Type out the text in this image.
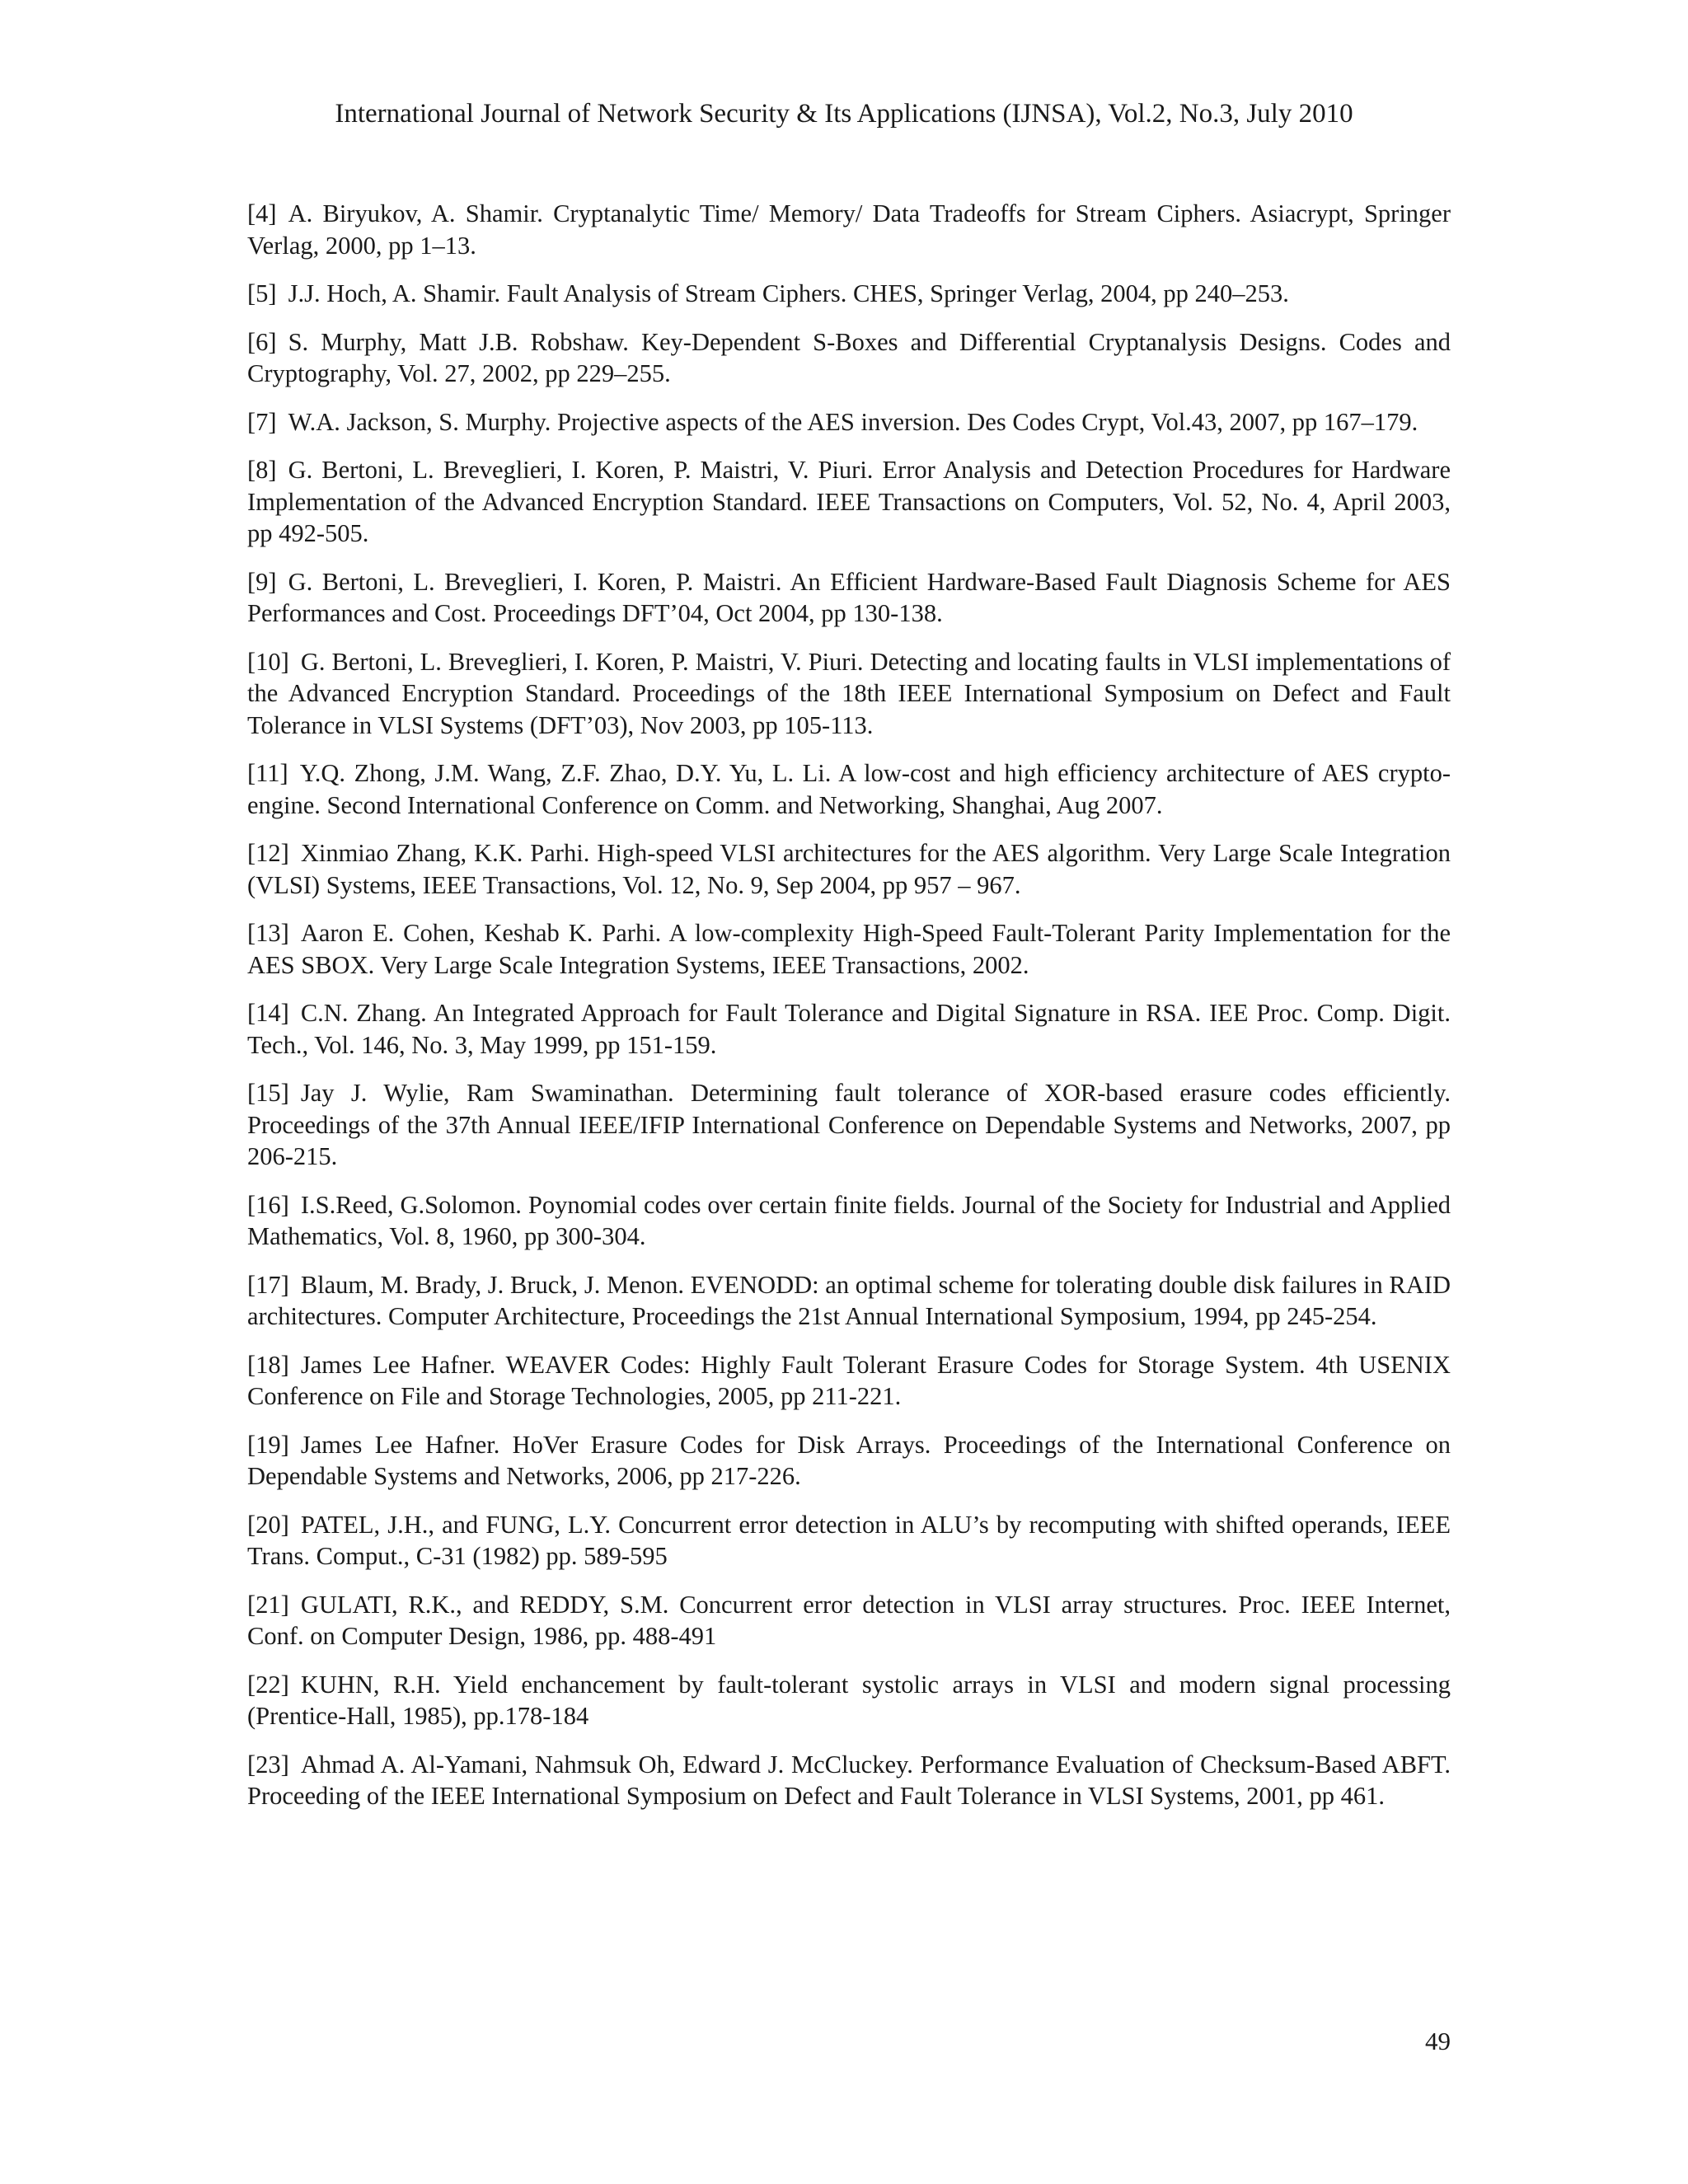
International Journal of Network Security & Its Applications (IJNSA), Vol.2, No.3, July 2010

[4] A. Biryukov, A. Shamir. Cryptanalytic Time/ Memory/ Data Tradeoffs for Stream Ciphers. Asiacrypt, Springer Verlag, 2000, pp 1–13.

[5] J.J. Hoch, A. Shamir. Fault Analysis of Stream Ciphers. CHES, Springer Verlag, 2004, pp 240–253.

[6] S. Murphy, Matt J.B. Robshaw. Key-Dependent S-Boxes and Differential Cryptanalysis Designs. Codes and Cryptography, Vol. 27, 2002, pp 229–255.

[7] W.A. Jackson, S. Murphy. Projective aspects of the AES inversion. Des Codes Crypt, Vol.43, 2007, pp 167–179.

[8] G. Bertoni, L. Breveglieri, I. Koren, P. Maistri, V. Piuri. Error Analysis and Detection Procedures for Hardware Implementation of the Advanced Encryption Standard. IEEE Transactions on Computers, Vol. 52, No. 4, April 2003, pp 492-505.

[9] G. Bertoni, L. Breveglieri, I. Koren, P. Maistri. An Efficient Hardware-Based Fault Diagnosis Scheme for AES Performances and Cost. Proceedings DFT’04, Oct 2004, pp 130-138.

[10] G. Bertoni, L. Breveglieri, I. Koren, P. Maistri, V. Piuri. Detecting and locating faults in VLSI implementations of the Advanced Encryption Standard. Proceedings of the 18th IEEE International Symposium on Defect and Fault Tolerance in VLSI Systems (DFT’03), Nov 2003, pp 105-113.

[11] Y.Q. Zhong, J.M. Wang, Z.F. Zhao, D.Y. Yu, L. Li. A low-cost and high efficiency architecture of AES crypto-engine. Second International Conference on Comm. and Networking, Shanghai, Aug 2007.

[12] Xinmiao Zhang, K.K. Parhi. High-speed VLSI architectures for the AES algorithm. Very Large Scale Integration (VLSI) Systems, IEEE Transactions, Vol. 12, No. 9, Sep 2004, pp 957 – 967.

[13] Aaron E. Cohen, Keshab K. Parhi. A low-complexity High-Speed Fault-Tolerant Parity Implementation for the AES SBOX. Very Large Scale Integration Systems, IEEE Transactions, 2002.

[14] C.N. Zhang. An Integrated Approach for Fault Tolerance and Digital Signature in RSA. IEE Proc. Comp. Digit. Tech., Vol. 146, No. 3, May 1999, pp 151-159.

[15] Jay J. Wylie, Ram Swaminathan. Determining fault tolerance of XOR-based erasure codes efficiently. Proceedings of the 37th Annual IEEE/IFIP International Conference on Dependable Systems and Networks, 2007, pp 206-215.

[16] I.S.Reed, G.Solomon. Poynomial codes over certain finite fields. Journal of the Society for Industrial and Applied Mathematics, Vol. 8, 1960, pp 300-304.

[17] Blaum, M. Brady, J. Bruck, J. Menon. EVENODD: an optimal scheme for tolerating double disk failures in RAID architectures. Computer Architecture, Proceedings the 21st Annual International Symposium, 1994, pp 245-254.

[18] James Lee Hafner. WEAVER Codes: Highly Fault Tolerant Erasure Codes for Storage System. 4th USENIX Conference on File and Storage Technologies, 2005, pp 211-221.

[19] James Lee Hafner. HoVer Erasure Codes for Disk Arrays. Proceedings of the International Conference on Dependable Systems and Networks, 2006, pp 217-226.

[20] PATEL, J.H., and FUNG, L.Y. Concurrent error detection in ALU’s by recomputing with shifted operands, IEEE Trans. Comput., C-31 (1982) pp. 589-595

[21] GULATI, R.K., and REDDY, S.M. Concurrent error detection in VLSI array structures. Proc. IEEE Internet, Conf. on Computer Design, 1986, pp. 488-491

[22] KUHN, R.H. Yield enchancement by fault-tolerant systolic arrays in VLSI and modern signal processing (Prentice-Hall, 1985), pp.178-184

[23] Ahmad A. Al-Yamani, Nahmsuk Oh, Edward J. McCluckey. Performance Evaluation of Checksum-Based ABFT. Proceeding of the IEEE International Symposium on Defect and Fault Tolerance in VLSI Systems, 2001, pp 461.

49
